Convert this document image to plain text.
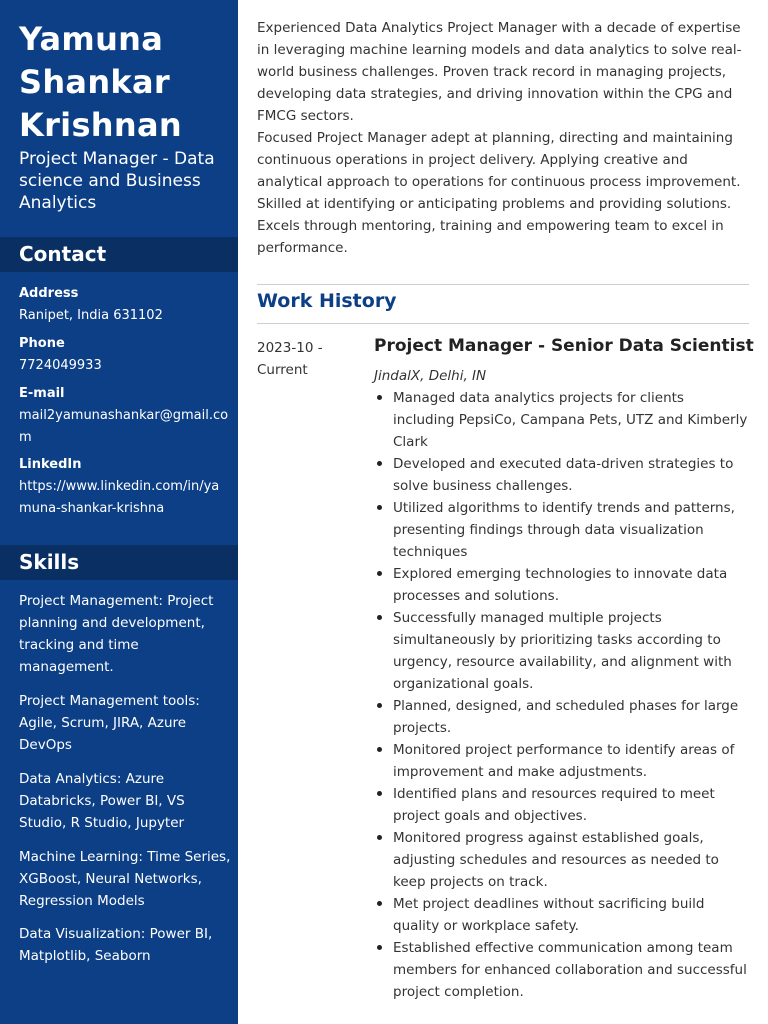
Yamuna Shankar Krishnan
Project Manager - Data science and Business Analytics
Contact
Address
Ranipet, India 631102
Phone
7724049933
E-mail
mail2yamunashankar@gmail.com
LinkedIn
https://www.linkedin.com/in/yamuna-shankar-krishna
Skills
Project Management: Project planning and development, tracking and time management.
Project Management tools: Agile, Scrum, JIRA, Azure DevOps
Data Analytics: Azure Databricks, Power BI, VS Studio, R Studio, Jupyter
Machine Learning: Time Series, XGBoost, Neural Networks, Regression Models
Data Visualization: Power BI, Matplotlib, Seaborn

Experienced Data Analytics Project Manager with a decade of expertise in leveraging machine learning models and data analytics to solve real-world business challenges. Proven track record in managing projects, developing data strategies, and driving innovation within the CPG and FMCG sectors.

Focused Project Manager adept at planning, directing and maintaining continuous operations in project delivery. Applying creative and analytical approach to operations for continuous process improvement. Skilled at identifying or anticipating problems and providing solutions. Excels through mentoring, training and empowering team to excel in performance.

Work History
2023-10 - Current
Project Manager - Senior Data Scientist
JindalX, Delhi, IN
Managed data analytics projects for clients including PepsiCo, Campana Pets, UTZ and Kimberly Clark
Developed and executed data-driven strategies to solve business challenges.
Utilized algorithms to identify trends and patterns, presenting findings through data visualization techniques
Explored emerging technologies to innovate data processes and solutions.
Successfully managed multiple projects simultaneously by prioritizing tasks according to urgency, resource availability, and alignment with organizational goals.
Planned, designed, and scheduled phases for large projects.
Monitored project performance to identify areas of improvement and make adjustments.
Identified plans and resources required to meet project goals and objectives.
Monitored progress against established goals, adjusting schedules and resources as needed to keep projects on track.
Met project deadlines without sacrificing build quality or workplace safety.
Established effective communication among team members for enhanced collaboration and successful project completion.
